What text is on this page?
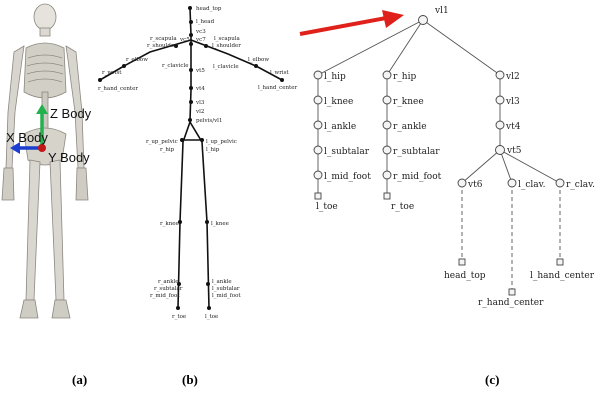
Z Body
X Body
Y Body
(a)
head_top
l_head
vc3
vc7
vc5
r_scapula
r_shoulder
l_scapula
l_shoulder
r_clavicle	l_clavicle
vt5
r_elbow	l_elbow
r_wrist	l_wrist
r_hand_center	l_hand_center
vt4
vl3
vl2
pelvis/vl1
r_up_pelvic	l_up_pelvic
r_hip	l_hip
r_knee	l_knee
r_ankle	l_ankle
r_subtalar	l_subtalar
r_mid_foot	l_mid_foot
r_toe	l_toe
(b)
vl1
l_hip
l_knee
l_ankle
l_subtalar
l_mid_foot
l_toe
r_hip
r_knee
r_ankle
r_subtalar
r_mid_foot
r_toe
vl2
vl3
vt4
vt5
vt6	l_clav. r_clav.
head_top
r_hand_center
l_hand_center
(c)
